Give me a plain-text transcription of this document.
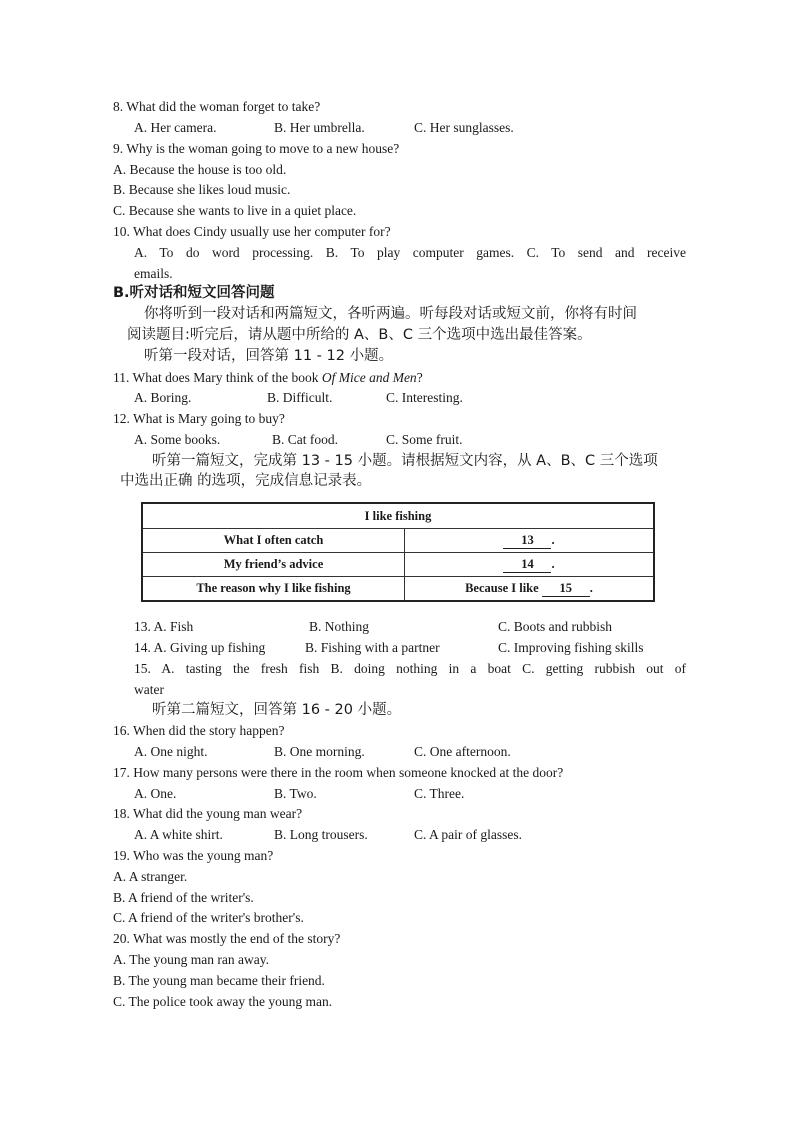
8. What did the woman forget to take?
A. Her camera.	B. Her umbrella.	C. Her sunglasses.
9. Why is the woman going to move to a new house?
A. Because the house is too old.
B. Because she likes loud music.
C. Because she wants to live in a quiet place.
10. What does Cindy usually use her computer for?
A. To do word processing. B. To play computer games. C. To send and receive
emails.
B.听对话和短文回答问题
你将听到一段对话和两篇短文，各听两遍。听每段对话或短文前，你将有时间
阅读题目:听完后，请从题中所给的 A、B、C 三个选项中选出最佳答案。
听第一段对话，回答第 11 - 12 小题。
11. What does Mary think of the book Of Mice and Men?
A. Boring.	B. Difficult.	C. Interesting.
12. What is Mary going to buy?
A. Some books.	B. Cat food.	C. Some fruit.
听第一篇短文，完成第 13 - 15 小题。请根据短文内容，从 A、B、C 三个选项
中选出正确 的选项，完成信息记录表。
I like fishing	
What I often catch	13 .
My friend’s advice	14 .
The reason why I like fishing	Because I like 15 .
13. A. Fish	B. Nothing	C. Boots and rubbish
14. A. Giving up fishing	B. Fishing with a partner	C. Improving fishing skills
15. A. tasting the fresh fish B. doing nothing in a boat C. getting rubbish out of
water
听第二篇短文，回答第 16 - 20 小题。
16. When did the story happen?
A. One night.	B. One morning.	C. One afternoon.
17. How many persons were there in the room when someone knocked at the door?
A. One.	B. Two.	C. Three.
18. What did the young man wear?
A. A white shirt.	B. Long trousers.	C. A pair of glasses.
19. Who was the young man?
A. A stranger.
B. A friend of the writer's.
C. A friend of the writer's brother's.
20. What was mostly the end of the story?
A. The young man ran away.
B. The young man became their friend.
C. The police took away the young man.
